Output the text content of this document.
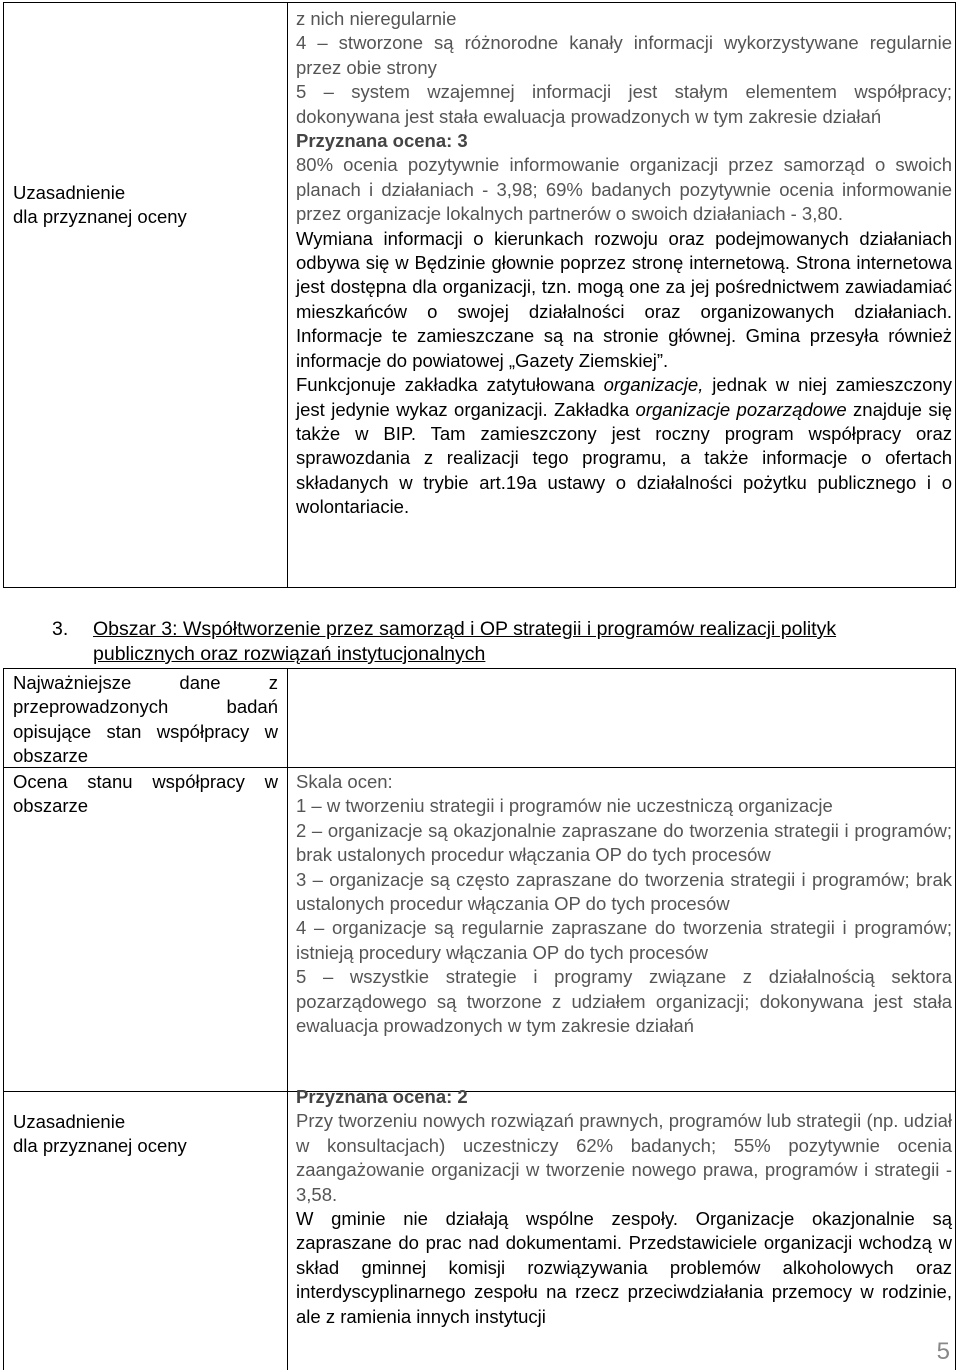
Uzasadnienie

dla przyznanej oceny

z nich nieregularnie

4 – stworzone są różnorodne kanały informacji wykorzystywane regularnie przez obie strony

5 – system wzajemnej informacji jest stałym elementem współpracy; dokonywana jest stała ewaluacja prowadzonych w tym zakresie działań

Przyznana ocena: 3

80% ocenia pozytywnie informowanie organizacji przez samorząd o swoich planach i działaniach - 3,98; 69% badanych pozytywnie ocenia informowanie przez organizacje lokalnych partnerów o swoich działaniach - 3,80.

Wymiana informacji o kierunkach rozwoju oraz podejmowanych działaniach odbywa się w Będzinie głownie poprzez stronę internetową. Strona internetowa jest dostępna dla organizacji, tzn. mogą one za jej pośrednictwem zawiadamiać mieszkańców o swojej działalności oraz organizowanych działaniach. Informacje te zamieszczane są na stronie głównej. Gmina przesyła również informacje do powiatowej „Gazety Ziemskiej”.

Funkcjonuje zakładka zatytułowana organizacje, jednak w niej zamieszczony jest jedynie wykaz organizacji. Zakładka organizacje pozarządowe znajduje się także w BIP. Tam zamieszczony jest roczny program współpracy oraz sprawozdania z realizacji tego programu, a także informacje o ofertach składanych w trybie art.19a ustawy o działalności pożytku publicznego i o wolontariacie.

3. Obszar 3: Współtworzenie przez samorząd i OP strategii i programów realizacji polityk publicznych oraz rozwiązań instytucjonalnych
Najważniejsze dane z przeprowadzonych badań opisujące stan współpracy w obszarze
Ocena stanu współpracy w obszarze

Skala ocen:

1 – w tworzeniu strategii i programów nie uczestniczą organizacje

2 – organizacje są okazjonalnie zapraszane do tworzenia strategii i programów; brak ustalonych procedur włączania OP do tych procesów

3 – organizacje są często zapraszane do tworzenia strategii i programów; brak ustalonych procedur włączania OP do tych procesów

4 – organizacje są regularnie zapraszane do tworzenia strategii i programów; istnieją procedury włączania OP do tych procesów

5 – wszystkie strategie i programy związane z działalnością sektora pozarządowego są tworzone z udziałem organizacji; dokonywana jest stała ewaluacja prowadzonych w tym zakresie działań

Uzasadnienie

dla przyznanej oceny

Przyznana ocena: 2

Przy tworzeniu nowych rozwiązań prawnych, programów lub strategii (np. udział w konsultacjach) uczestniczy 62% badanych; 55% pozytywnie ocenia zaangażowanie organizacji w tworzenie nowego prawa, programów i strategii - 3,58.

W gminie nie działają wspólne zespoły. Organizacje okazjonalnie są zapraszane do prac nad dokumentami. Przedstawiciele organizacji wchodzą w skład gminnej komisji rozwiązywania problemów alkoholowych oraz interdyscyplinarnego zespołu na rzecz przeciwdziałania przemocy w rodzinie, ale z ramienia innych instytucji

5
